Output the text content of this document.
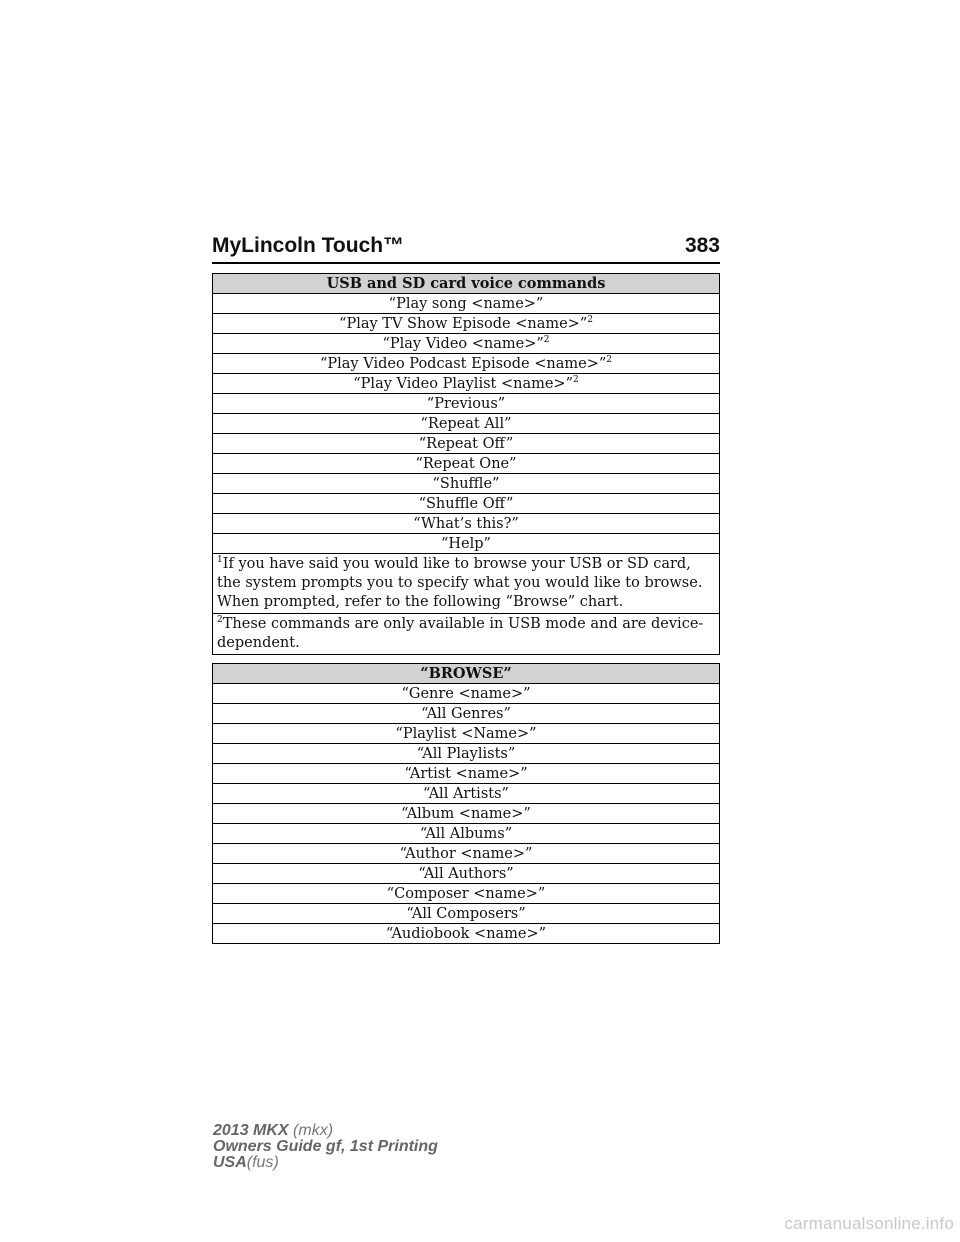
MyLincoln Touch™	383
USB and SD card voice commands
“Play song <name>”
“Play TV Show Episode <name>”$^2$
“Play Video <name>”$^2$
“Play Video Podcast Episode <name>”$^2$
“Play Video Playlist <name>”$^2$
“Previous”
“Repeat All”
“Repeat Off”
“Repeat One”
“Shuffle”
“Shuffle Off”
“What’s this?”
“Help”
$^1$If you have said you would like to browse your USB or SD card, the system prompts you to specify what you would like to browse. When prompted, refer to the following “Browse” chart.
$^2$These commands are only available in USB mode and are device-dependent.
“BROWSE”
“Genre <name>”
“All Genres”
“Playlist <Name>”
“All Playlists”
“Artist <name>”
“All Artists”
“Album <name>”
“All Albums”
“Author <name>”
“All Authors”
“Composer <name>”
“All Composers”
“Audiobook <name>”
2013 MKX (mkx)
Owners Guide gf, 1st Printing
USA(fus)
carmanualsonline.info
